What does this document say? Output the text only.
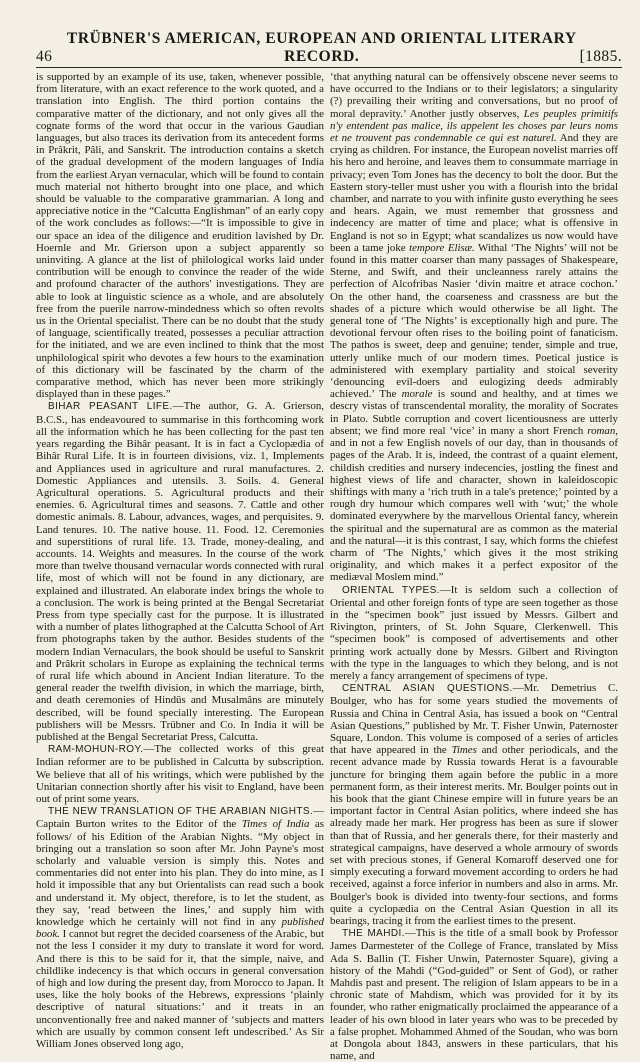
46
TRÜBNER'S AMERICAN, EUROPEAN AND ORIENTAL LITERARY RECORD.	[1885.

is supported by an example of its use, taken, whenever possible, from literature, with an exact reference to the work quoted, and a translation into English. The third portion contains the comparative matter of the dictionary, and not only gives all the cognate forms of the word that occur in the various Gaudian languages, but also traces its derivation from its antecedent forms in Prâkrit, Pâli, and Sanskrit. The introduction contains a sketch of the gradual development of the modern languages of India from the earliest Aryan vernacular, which will be found to contain much material not hitherto brought into one place, and which should be valuable to the comparative grammarian. A long and appreciative notice in the “Calcutta Englishman” of an early copy of the work concludes as follows:—“It is impossible to give in our space an idea of the diligence and erudition lavished by Dr. Hoernle and Mr. Grierson upon a subject apparently so uninviting. A glance at the list of philological works laid under contribution will be enough to convince the reader of the wide and profound character of the authors' investigations. They are able to look at linguistic science as a whole, and are absolutely free from the puerile narrow-mindedness which so often revolts us in the Oriental specialist. There can be no doubt that the study of language, scientifically treated, possesses a peculiar attraction for the initiated, and we are even inclined to think that the most unphilological spirit who devotes a few hours to the examination of this dictionary will be fascinated by the charm of the comparative method, which has never been more strikingly displayed than in these pages.”

BIHAR PEASANT LIFE.—The author, G. A. Grierson, B.C.S., has endeavoured to summarise in this forthcoming work all the information which he has been collecting for the past ten years regarding the Bihâr peasant. It is in fact a Cyclopædia of Bihâr Rural Life. It is in fourteen divisions, viz. 1, Implements and Appliances used in agriculture and rural manufactures. 2. Domestic Appliances and utensils. 3. Soils. 4. General Agricultural operations. 5. Agricultural products and their enemies. 6. Agricultural times and seasons. 7. Cattle and other domestic animals. 8. Labour, advances, wages, and perquisites. 9. Land tenures. 10. The native house. 11. Food. 12. Ceremonies and superstitions of rural life. 13. Trade, money-dealing, and accounts. 14. Weights and measures. In the course of the work more than twelve thousand vernacular words connected with rural life, most of which will not be found in any dictionary, are explained and illustrated. An elaborate index brings the whole to a conclusion. The work is being printed at the Bengal Secretariat Press from type specially cast for the purpose. It is illustrated with a number of plates lithographed at the Calcutta School of Art from photographs taken by the author. Besides students of the modern Indian Vernaculars, the book should be useful to Sanskrit and Prâkrit scholars in Europe as explaining the technical terms of rural life which abound in Ancient Indian literature. To the general reader the twelfth division, in which the marriage, birth, and death ceremonies of Hindûs and Musalmâns are minutely described, will be found specially interesting. The European publishers will be Messrs. Trübner and Co. In India it will be published at the Bengal Secretariat Press, Calcutta.

RAM-MOHUN-ROY.—The collected works of this great Indian reformer are to be published in Calcutta by subscription. We believe that all of his writings, which were published by the Unitarian connection shortly after his visit to England, have been out of print some years.

THE NEW TRANSLATION OF THE ARABIAN NIGHTS.—Captain Burton writes to the Editor of the Times of India as follows/ of his Edition of the Arabian Nights. “My object in bringing out a translation so soon after Mr. John Payne's most scholarly and valuable version is simply this. Notes and commentaries did not enter into his plan. They do into mine, as I hold it impossible that any but Orientalists can read such a book and understand it. My object, therefore, is to let the student, as they say, ‘read between the lines,’ and supply him with knowledge which he certainly will not find in any published book. I cannot but regret the decided coarseness of the Arabic, but not the less I consider it my duty to translate it word for word. And there is this to be said for it, that the simple, naive, and childlike indecency is that which occurs in general conversation of high and low during the present day, from Morocco to Japan. It uses, like the holy books of the Hebrews, expressions ‘plainly descriptive of natural situations:’ and it treats in an unconventionally free and naked manner of ‘subjects and matters which are usually by common consent left undescribed.’ As Sir William Jones observed long ago,

‘that anything natural can be offensively obscene never seems to have occurred to the Indians or to their legislators; a singularity (?) prevailing their writing and conversations, but no proof of moral depravity.’ Another justly observes, Les peuples primitifs n'y entendent pas malice, ils appelent les choses par leurs noms et ne trouvent pas condemnable ce qui est naturel. And they are crying as children. For instance, the European novelist marries off his hero and heroine, and leaves them to consummate marriage in privacy; even Tom Jones has the decency to bolt the door. But the Eastern story-teller must usher you with a flourish into the bridal chamber, and narrate to you with infinite gusto everything he sees and hears. Again, we must remember that grossness and indecency are matter of time and place; what is offensive in England is not so in Egypt; what scandalizes us now would have been a tame joke tempore Elisæ. Withal ‘The Nights’ will not be found in this matter coarser than many passages of Shakespeare, Sterne, and Swift, and their uncleanness rarely attains the perfection of Alcofribas Nasier ‘divin maitre et atrace cochon.’ On the other hand, the coarseness and crassness are but the shades of a picture which would otherwise be all light. The general tone of ‘The Nights’ is exceptionally high and pure. The devotional fervour often rises to the boiling point of fanaticism. The pathos is sweet, deep and genuine; tender, simple and true, utterly unlike much of our modern times. Poetical justice is administered with exemplary partiality and stoical severity ‘denouncing evil-doers and eulogizing deeds admirably achieved.’ The morale is sound and healthy, and at times we descry vistas of transcendental morality, the morality of Socrates in Plato. Subtle corruption and covert licentiousness are utterly absent; we find more real ‘vice’ in many a short French roman, and in not a few English novels of our day, than in thousands of pages of the Arab. It is, indeed, the contrast of a quaint element, childish credities and nursery indecencies, jostling the finest and highest views of life and character, shown in kaleidoscopic shiftings with many a ‘rich truth in a tale's pretence;’ pointed by a rough dry humour which compares well with ‘wut;’ the whole dominated everywhere by the marvellous Oriental fancy, wherein the spiritual and the supernatural are as common as the material and the natural—it is this contrast, I say, which forms the chiefest charm of ‘The Nights,’ which gives it the most striking originality, and which makes it a perfect expositor of the mediæval Moslem mind.”

ORIENTAL TYPES.—It is seldom such a collection of Oriental and other foreign fonts of type are seen together as those in the “specimen book” just issued by Messrs. Gilbert and Rivington, printers, of St. John Square, Clerkenwell. This “specimen book” is composed of advertisements and other printing work actually done by Messrs. Gilbert and Rivington with the type in the languages to which they belong, and is not merely a fancy arrangement of specimens of type.

CENTRAL ASIAN QUESTIONS.—Mr. Demetrius C. Boulger, who has for some years studied the movements of Russia and China in Central Asia, has issued a book on “Central Asian Questions,” published by Mr. T. Fisher Unwin, Paternoster Square, London. This volume is composed of a series of articles that have appeared in the Times and other periodicals, and the recent advance made by Russia towards Herat is a favourable juncture for bringing them again before the public in a more permanent form, as their interest merits. Mr. Boulger points out in his book that the giant Chinese empire will in future years be an important factor in Central Asian politics, where indeed she has already made her mark. Her progress has been as sure if slower than that of Russia, and her generals there, for their masterly and strategical campaigns, have deserved a whole armoury of swords set with precious stones, if General Komaroff deserved one for simply executing a forward movement according to orders he had received, against a force inferior in numbers and also in arms. Mr. Boulger's book is divided into twenty-four sections, and forms quite a cyclopædia on the Central Asian Question in all its bearings, tracing it from the earliest times to the present.

THE MAHDI.—This is the title of a small book by Professor James Darmesteter of the College of France, translated by Miss Ada S. Ballin (T. Fisher Unwin, Paternoster Square), giving a history of the Mahdi (“God-guided” or Sent of God), or rather Mahdis past and present. The religion of Islam appears to be in a chronic state of Mahdism, which was provided for it by its founder, who rather enigmatically proclaimed the appearance of a leader of his own blood in later years who was to be preceded by a false prophet. Mohammed Ahmed of the Soudan, who was born at Dongola about 1843, answers in these particulars, that his name, and
